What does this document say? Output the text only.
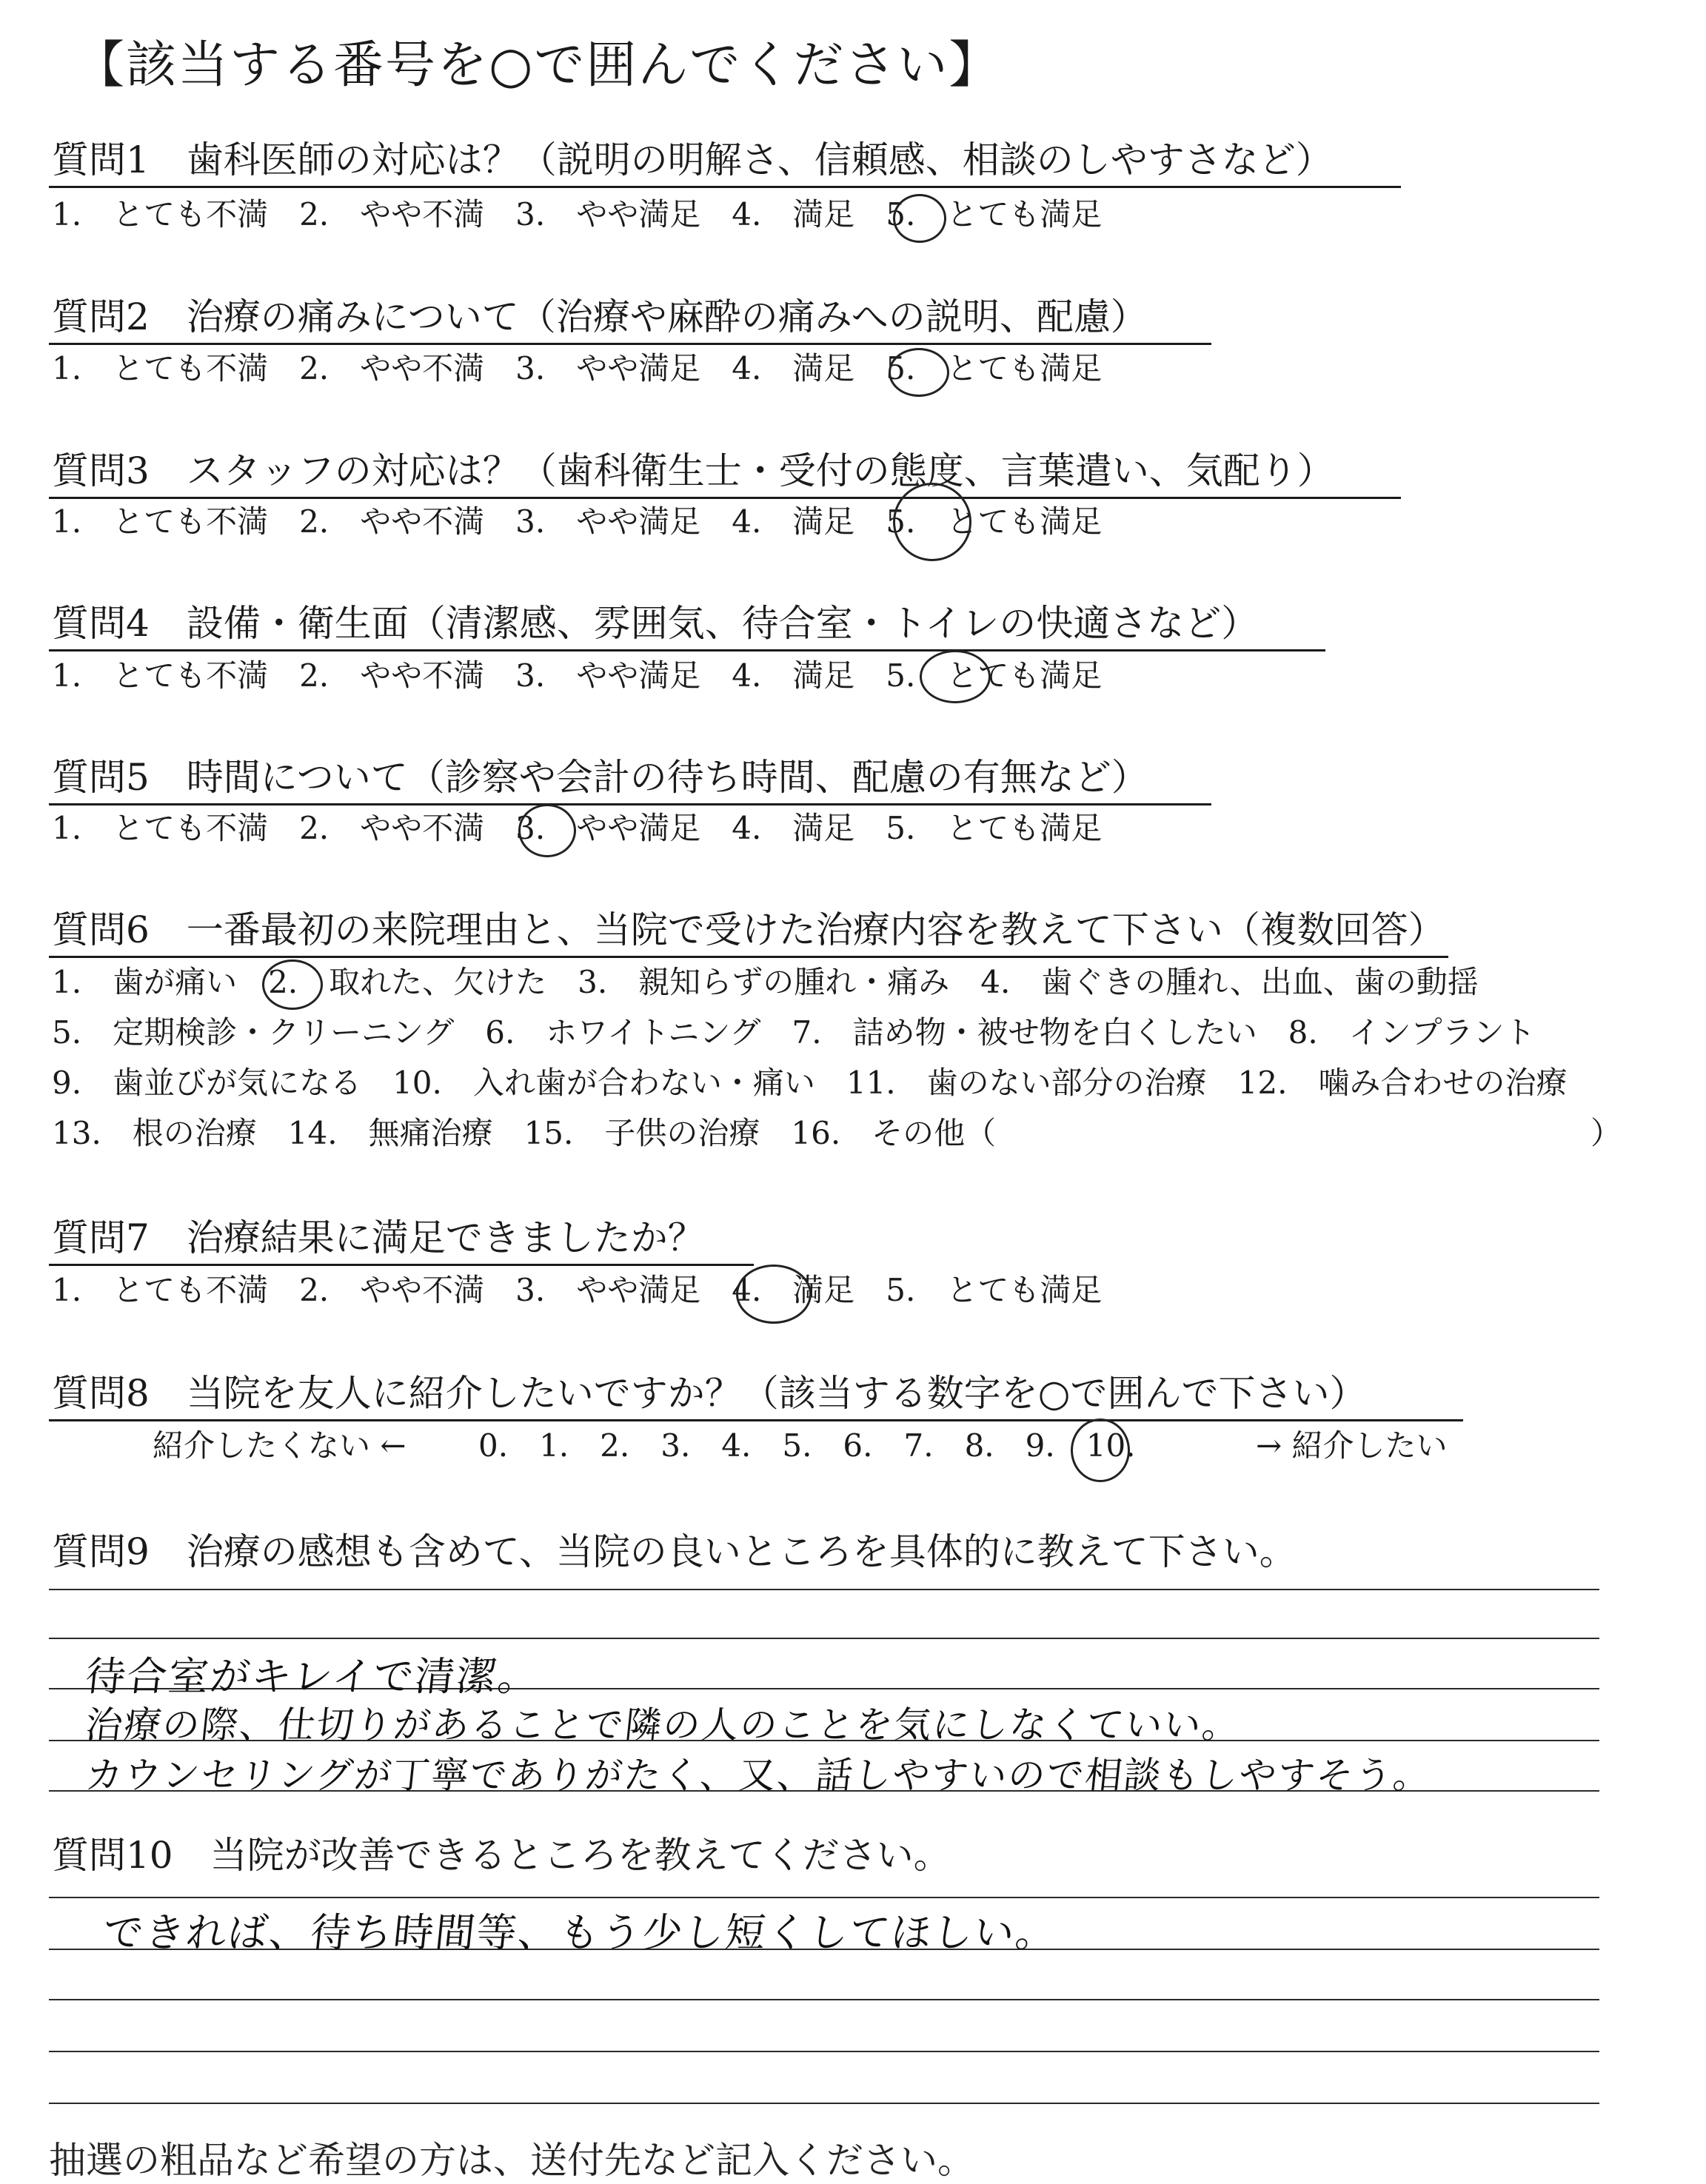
【該当する番号を○で囲んでください】
質問1　歯科医師の対応は？（説明の明解さ、信頼感、相談のしやすさなど）
1.　とても不満　2.　やや不満　3.　やや満足　4.　満足　5.　とても満足
質問2　治療の痛みについて（治療や麻酔の痛みへの説明、配慮）
1.　とても不満　2.　やや不満　3.　やや満足　4.　満足　5.　とても満足
質問3　スタッフの対応は？（歯科衛生士・受付の態度、言葉遣い、気配り）
1.　とても不満　2.　やや不満　3.　やや満足　4.　満足　5.　とても満足
質問4　設備・衛生面（清潔感、雰囲気、待合室・トイレの快適さなど）
1.　とても不満　2.　やや不満　3.　やや満足　4.　満足　5.　とても満足
質問5　時間について（診察や会計の待ち時間、配慮の有無など）
1.　とても不満　2.　やや不満　3.　やや満足　4.　満足　5.　とても満足
質問6　一番最初の来院理由と、当院で受けた治療内容を教えて下さい（複数回答）
1.　歯が痛い　2.　取れた、欠けた　3.　親知らずの腫れ・痛み　4.　歯ぐきの腫れ、出血、歯の動揺
5.　定期検診・クリーニング　6.　ホワイトニング　7.　詰め物・被せ物を白くしたい　8.　インプラント
9.　歯並びが気になる　10.　入れ歯が合わない・痛い　11.　歯のない部分の治療　12.　噛み合わせの治療
13.　根の治療　14.　無痛治療　15.　子供の治療　16.　その他（	）
質問7　治療結果に満足できましたか？
1.　とても不満　2.　やや不満　3.　やや満足　4.　満足　5.　とても満足
質問8　当院を友人に紹介したいですか？（該当する数字を○で囲んで下さい）
紹介したくない ← 0.　1.　2.　3.　4.　5.　6.　7.　8.　9.　10.	→ 紹介したい
質問9　治療の感想も含めて、当院の良いところを具体的に教えて下さい。
待合室がキレイで清潔。
治療の際、仕切りがあることで隣の人のことを気にしなくていい。
カウンセリングが丁寧でありがたく、又、話しやすいので相談もしやすそう。
質問10　当院が改善できるところを教えてください。
できれば、待ち時間等、もう少し短くしてほしい。
抽選の粗品など希望の方は、送付先など記入ください。
